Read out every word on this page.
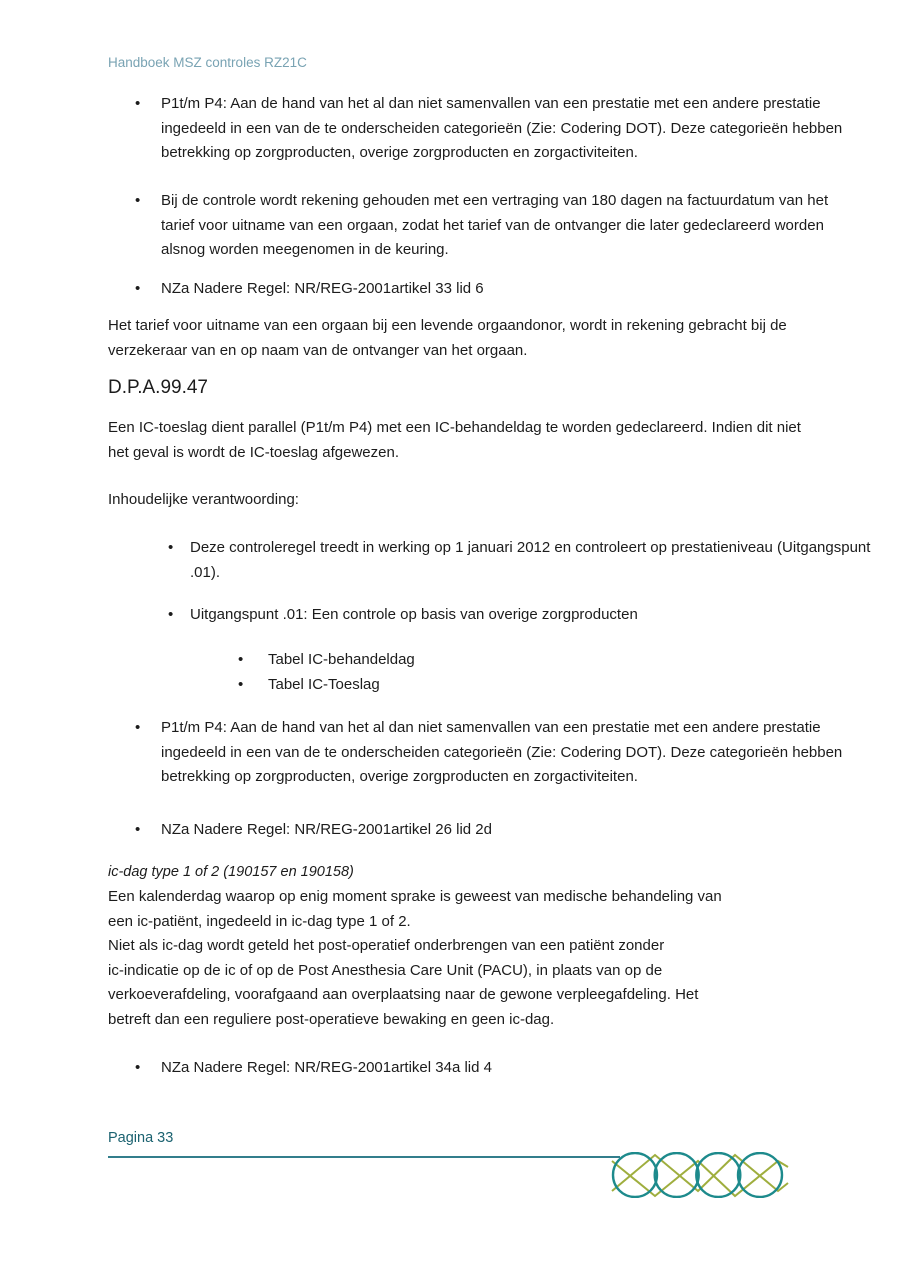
Handboek MSZ controles RZ21C
• P1t/m P4: Aan de hand van het al dan niet samenvallen van een prestatie met een andere prestatie ingedeeld in een van de te onderscheiden categorieën (Zie: Codering DOT). Deze categorieën hebben betrekking op zorgproducten, overige zorgproducten en zorgactiviteiten.
• Bij de controle wordt rekening gehouden met een vertraging van 180 dagen na factuurdatum van het tarief voor uitname van een orgaan, zodat het tarief van de ontvanger die later gedeclareerd worden alsnog worden meegenomen in de keuring.
• NZa Nadere Regel: NR/REG-2001artikel 33 lid 6
Het tarief voor uitname van een orgaan bij een levende orgaandonor, wordt in rekening gebracht bij de verzekeraar van en op naam van de ontvanger van het orgaan.
D.P.A.99.47
Een IC-toeslag dient parallel (P1t/m P4) met een IC-behandeldag te worden gedeclareerd. Indien dit niet het geval is wordt de IC-toeslag afgewezen.
Inhoudelijke verantwoording:
• Deze controleregel treedt in werking op 1 januari 2012 en controleert op prestatieniveau (Uitgangspunt .01).
• Uitgangspunt .01: Een controle op basis van overige zorgproducten
• Tabel IC-behandeldag
• Tabel IC-Toeslag
• P1t/m P4: Aan de hand van het al dan niet samenvallen van een prestatie met een andere prestatie ingedeeld in een van de te onderscheiden categorieën (Zie: Codering DOT). Deze categorieën hebben betrekking op zorgproducten, overige zorgproducten en zorgactiviteiten.
• NZa Nadere Regel: NR/REG-2001artikel 26 lid 2d
ic-dag type 1 of 2 (190157 en 190158)
Een kalenderdag waarop op enig moment sprake is geweest van medische behandeling van
een ic-patiënt, ingedeeld in ic-dag type 1 of 2.
Niet als ic-dag wordt geteld het post-operatief onderbrengen van een patiënt zonder
ic-indicatie op de ic of op de Post Anesthesia Care Unit (PACU), in plaats van op de
verkoeverafdeling, voorafgaand aan overplaatsing naar de gewone verpleegafdeling. Het
betreft dan een reguliere post-operatieve bewaking en geen ic-dag.
• NZa Nadere Regel: NR/REG-2001artikel 34a lid 4
Pagina 33
